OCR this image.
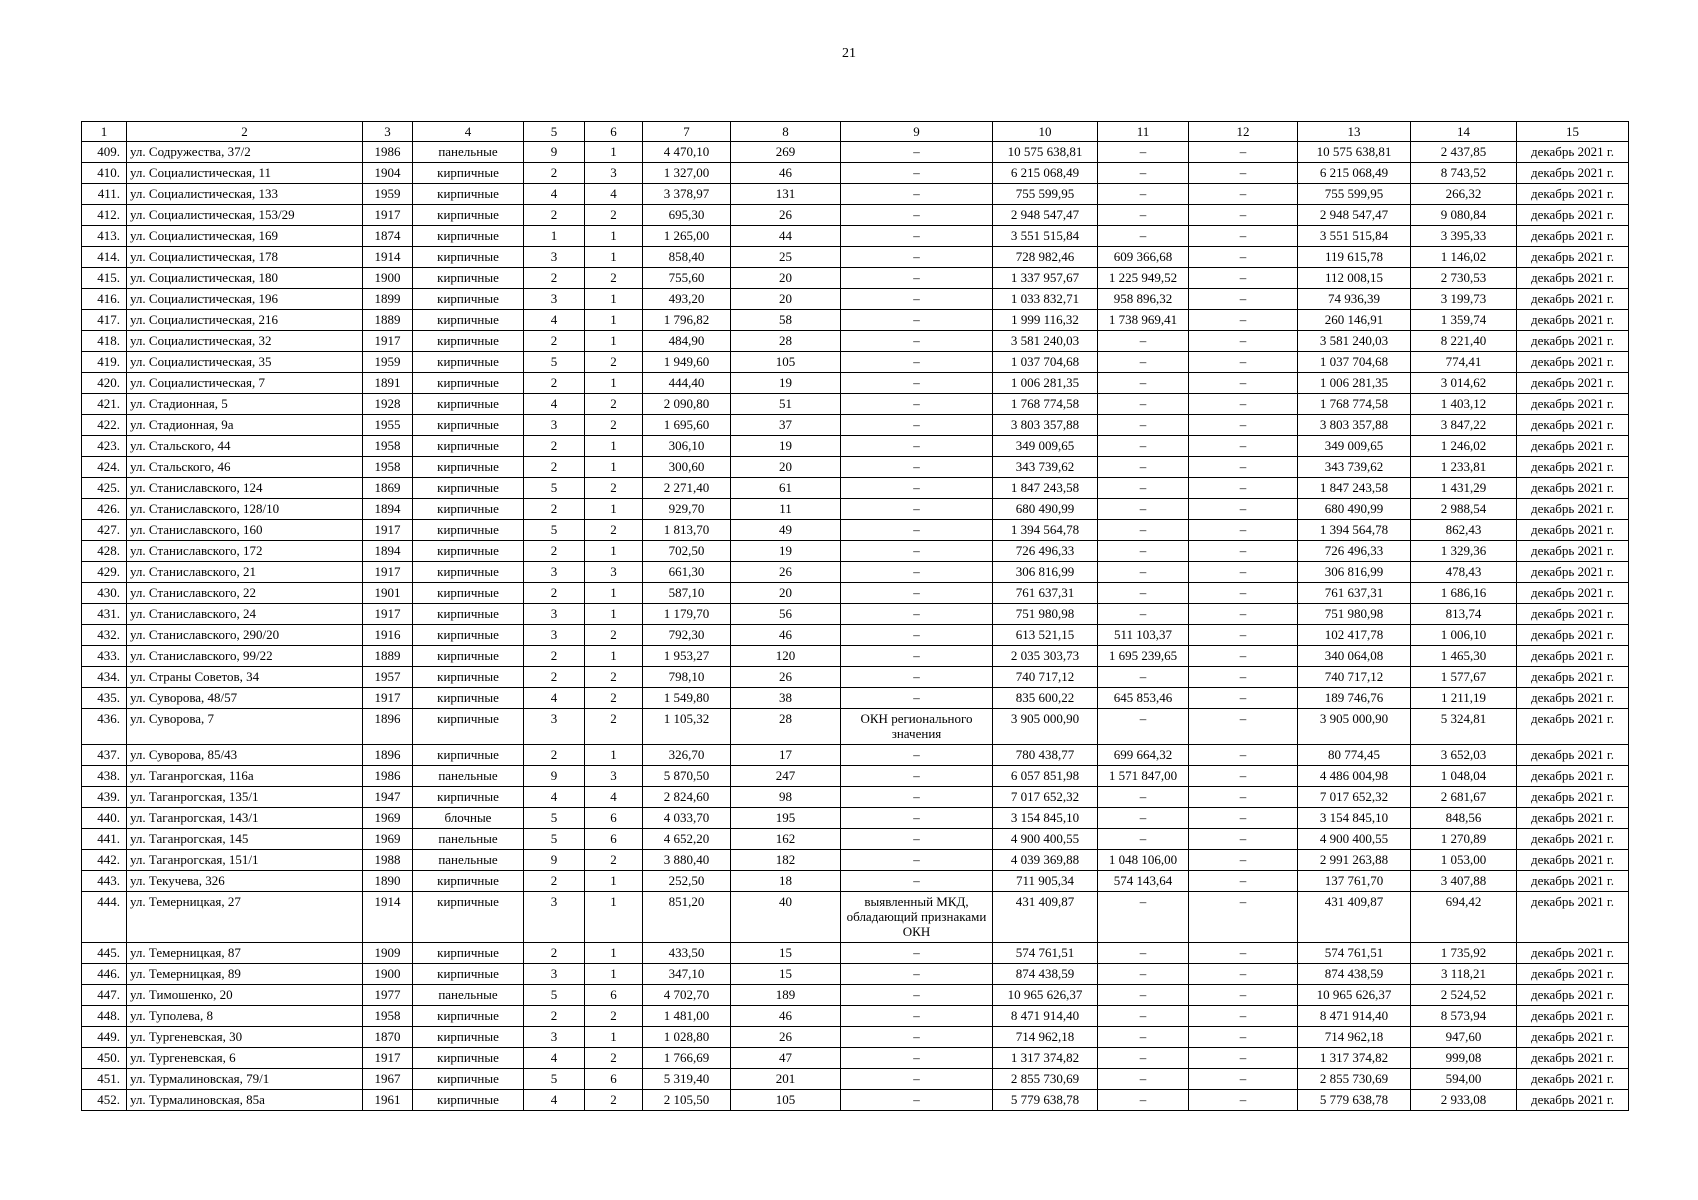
21
1	2	3	4	5	6	7	8	9	10	11	12	13	14	15
409.	ул. Содружества, 37/2	1986	панельные	9	1	4 470,10	269	–	10 575 638,81	–	–	10 575 638,81	2 437,85	декабрь 2021 г.
410.	ул. Социалистическая, 11	1904	кирпичные	2	3	1 327,00	46	–	6 215 068,49	–	–	6 215 068,49	8 743,52	декабрь 2021 г.
411.	ул. Социалистическая, 133	1959	кирпичные	4	4	3 378,97	131	–	755 599,95	–	–	755 599,95	266,32	декабрь 2021 г.
412.	ул. Социалистическая, 153/29	1917	кирпичные	2	2	695,30	26	–	2 948 547,47	–	–	2 948 547,47	9 080,84	декабрь 2021 г.
413.	ул. Социалистическая, 169	1874	кирпичные	1	1	1 265,00	44	–	3 551 515,84	–	–	3 551 515,84	3 395,33	декабрь 2021 г.
414.	ул. Социалистическая, 178	1914	кирпичные	3	1	858,40	25	–	728 982,46	609 366,68	–	119 615,78	1 146,02	декабрь 2021 г.
415.	ул. Социалистическая, 180	1900	кирпичные	2	2	755,60	20	–	1 337 957,67	1 225 949,52	–	112 008,15	2 730,53	декабрь 2021 г.
416.	ул. Социалистическая, 196	1899	кирпичные	3	1	493,20	20	–	1 033 832,71	958 896,32	–	74 936,39	3 199,73	декабрь 2021 г.
417.	ул. Социалистическая, 216	1889	кирпичные	4	1	1 796,82	58	–	1 999 116,32	1 738 969,41	–	260 146,91	1 359,74	декабрь 2021 г.
418.	ул. Социалистическая, 32	1917	кирпичные	2	1	484,90	28	–	3 581 240,03	–	–	3 581 240,03	8 221,40	декабрь 2021 г.
419.	ул. Социалистическая, 35	1959	кирпичные	5	2	1 949,60	105	–	1 037 704,68	–	–	1 037 704,68	774,41	декабрь 2021 г.
420.	ул. Социалистическая, 7	1891	кирпичные	2	1	444,40	19	–	1 006 281,35	–	–	1 006 281,35	3 014,62	декабрь 2021 г.
421.	ул. Стадионная, 5	1928	кирпичные	4	2	2 090,80	51	–	1 768 774,58	–	–	1 768 774,58	1 403,12	декабрь 2021 г.
422.	ул. Стадионная, 9а	1955	кирпичные	3	2	1 695,60	37	–	3 803 357,88	–	–	3 803 357,88	3 847,22	декабрь 2021 г.
423.	ул. Стальского, 44	1958	кирпичные	2	1	306,10	19	–	349 009,65	–	–	349 009,65	1 246,02	декабрь 2021 г.
424.	ул. Стальского, 46	1958	кирпичные	2	1	300,60	20	–	343 739,62	–	–	343 739,62	1 233,81	декабрь 2021 г.
425.	ул. Станиславского, 124	1869	кирпичные	5	2	2 271,40	61	–	1 847 243,58	–	–	1 847 243,58	1 431,29	декабрь 2021 г.
426.	ул. Станиславского, 128/10	1894	кирпичные	2	1	929,70	11	–	680 490,99	–	–	680 490,99	2 988,54	декабрь 2021 г.
427.	ул. Станиславского, 160	1917	кирпичные	5	2	1 813,70	49	–	1 394 564,78	–	–	1 394 564,78	862,43	декабрь 2021 г.
428.	ул. Станиславского, 172	1894	кирпичные	2	1	702,50	19	–	726 496,33	–	–	726 496,33	1 329,36	декабрь 2021 г.
429.	ул. Станиславского, 21	1917	кирпичные	3	3	661,30	26	–	306 816,99	–	–	306 816,99	478,43	декабрь 2021 г.
430.	ул. Станиславского, 22	1901	кирпичные	2	1	587,10	20	–	761 637,31	–	–	761 637,31	1 686,16	декабрь 2021 г.
431.	ул. Станиславского, 24	1917	кирпичные	3	1	1 179,70	56	–	751 980,98	–	–	751 980,98	813,74	декабрь 2021 г.
432.	ул. Станиславского, 290/20	1916	кирпичные	3	2	792,30	46	–	613 521,15	511 103,37	–	102 417,78	1 006,10	декабрь 2021 г.
433.	ул. Станиславского, 99/22	1889	кирпичные	2	1	1 953,27	120	–	2 035 303,73	1 695 239,65	–	340 064,08	1 465,30	декабрь 2021 г.
434.	ул. Страны Советов, 34	1957	кирпичные	2	2	798,10	26	–	740 717,12	–	–	740 717,12	1 577,67	декабрь 2021 г.
435.	ул. Суворова, 48/57	1917	кирпичные	4	2	1 549,80	38	–	835 600,22	645 853,46	–	189 746,76	1 211,19	декабрь 2021 г.
436.	ул. Суворова, 7	1896	кирпичные	3	2	1 105,32	28	ОКН регионального значения	3 905 000,90	–	–	3 905 000,90	5 324,81	декабрь 2021 г.
437.	ул. Суворова, 85/43	1896	кирпичные	2	1	326,70	17	–	780 438,77	699 664,32	–	80 774,45	3 652,03	декабрь 2021 г.
438.	ул. Таганрогская, 116а	1986	панельные	9	3	5 870,50	247	–	6 057 851,98	1 571 847,00	–	4 486 004,98	1 048,04	декабрь 2021 г.
439.	ул. Таганрогская, 135/1	1947	кирпичные	4	4	2 824,60	98	–	7 017 652,32	–	–	7 017 652,32	2 681,67	декабрь 2021 г.
440.	ул. Таганрогская, 143/1	1969	блочные	5	6	4 033,70	195	–	3 154 845,10	–	–	3 154 845,10	848,56	декабрь 2021 г.
441.	ул. Таганрогская, 145	1969	панельные	5	6	4 652,20	162	–	4 900 400,55	–	–	4 900 400,55	1 270,89	декабрь 2021 г.
442.	ул. Таганрогская, 151/1	1988	панельные	9	2	3 880,40	182	–	4 039 369,88	1 048 106,00	–	2 991 263,88	1 053,00	декабрь 2021 г.
443.	ул. Текучева, 326	1890	кирпичные	2	1	252,50	18	–	711 905,34	574 143,64	–	137 761,70	3 407,88	декабрь 2021 г.
444.	ул. Темерницкая, 27	1914	кирпичные	3	1	851,20	40	выявленный МКД, обладающий признаками ОКН	431 409,87	–	–	431 409,87	694,42	декабрь 2021 г.
445.	ул. Темерницкая, 87	1909	кирпичные	2	1	433,50	15	–	574 761,51	–	–	574 761,51	1 735,92	декабрь 2021 г.
446.	ул. Темерницкая, 89	1900	кирпичные	3	1	347,10	15	–	874 438,59	–	–	874 438,59	3 118,21	декабрь 2021 г.
447.	ул. Тимошенко, 20	1977	панельные	5	6	4 702,70	189	–	10 965 626,37	–	–	10 965 626,37	2 524,52	декабрь 2021 г.
448.	ул. Туполева, 8	1958	кирпичные	2	2	1 481,00	46	–	8 471 914,40	–	–	8 471 914,40	8 573,94	декабрь 2021 г.
449.	ул. Тургеневская, 30	1870	кирпичные	3	1	1 028,80	26	–	714 962,18	–	–	714 962,18	947,60	декабрь 2021 г.
450.	ул. Тургеневская, 6	1917	кирпичные	4	2	1 766,69	47	–	1 317 374,82	–	–	1 317 374,82	999,08	декабрь 2021 г.
451.	ул. Турмалиновская, 79/1	1967	кирпичные	5	6	5 319,40	201	–	2 855 730,69	–	–	2 855 730,69	594,00	декабрь 2021 г.
452.	ул. Турмалиновская, 85а	1961	кирпичные	4	2	2 105,50	105	–	5 779 638,78	–	–	5 779 638,78	2 933,08	декабрь 2021 г.
